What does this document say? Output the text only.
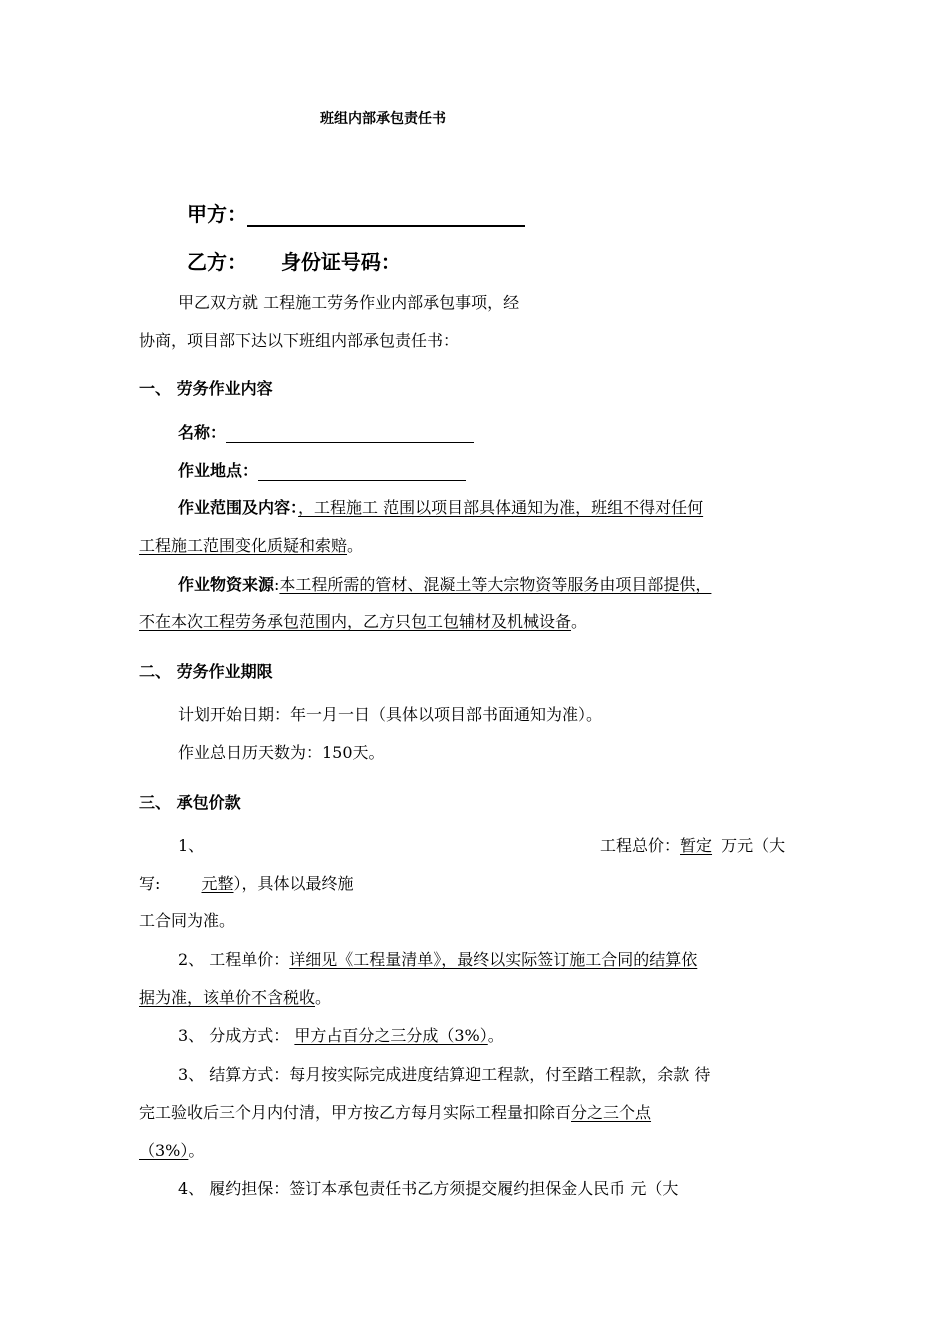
班组内部承包责任书
甲方：
乙方： 身份证号码：
甲乙双方就 工程施工劳务作业内部承包事项，经
协商，项目部下达以下班组内部承包责任书：
一、 劳务作业内容
名称：
作业地点：
作业范围及内容：，工程施工 范围以项目部具体通知为准，班组不得对任何
工程施工范围变化质疑和索赔。
作业物资来源:本工程所需的管材、混凝土等大宗物资等服务由项目部提供，
不在本次工程劳务承包范围内，乙方只包工包辅材及机械设备。
二、 劳务作业期限
计划开始日期：年一月一日（具体以项目部书面通知为准）。
作业总日历天数为：150天。
三、 承包价款
1、	工程总价：暂定 万元（大
写:	元整），具体以最终施
工合同为准。
2、 工程单价：详细见《工程量清单》，最终以实际签订施工合同的结算依
据为准，该单价不含税收。
3、 分成方式： 甲方占百分之三分成（3%）。
3、 结算方式：每月按实际完成进度结算迎工程款，付至踏工程款，余款 待
完工验收后三个月内付清，甲方按乙方每月实际工程量扣除百分之三个点
（3%）。
4、 履约担保：签订本承包责任书乙方须提交履约担保金人民币 元（大
